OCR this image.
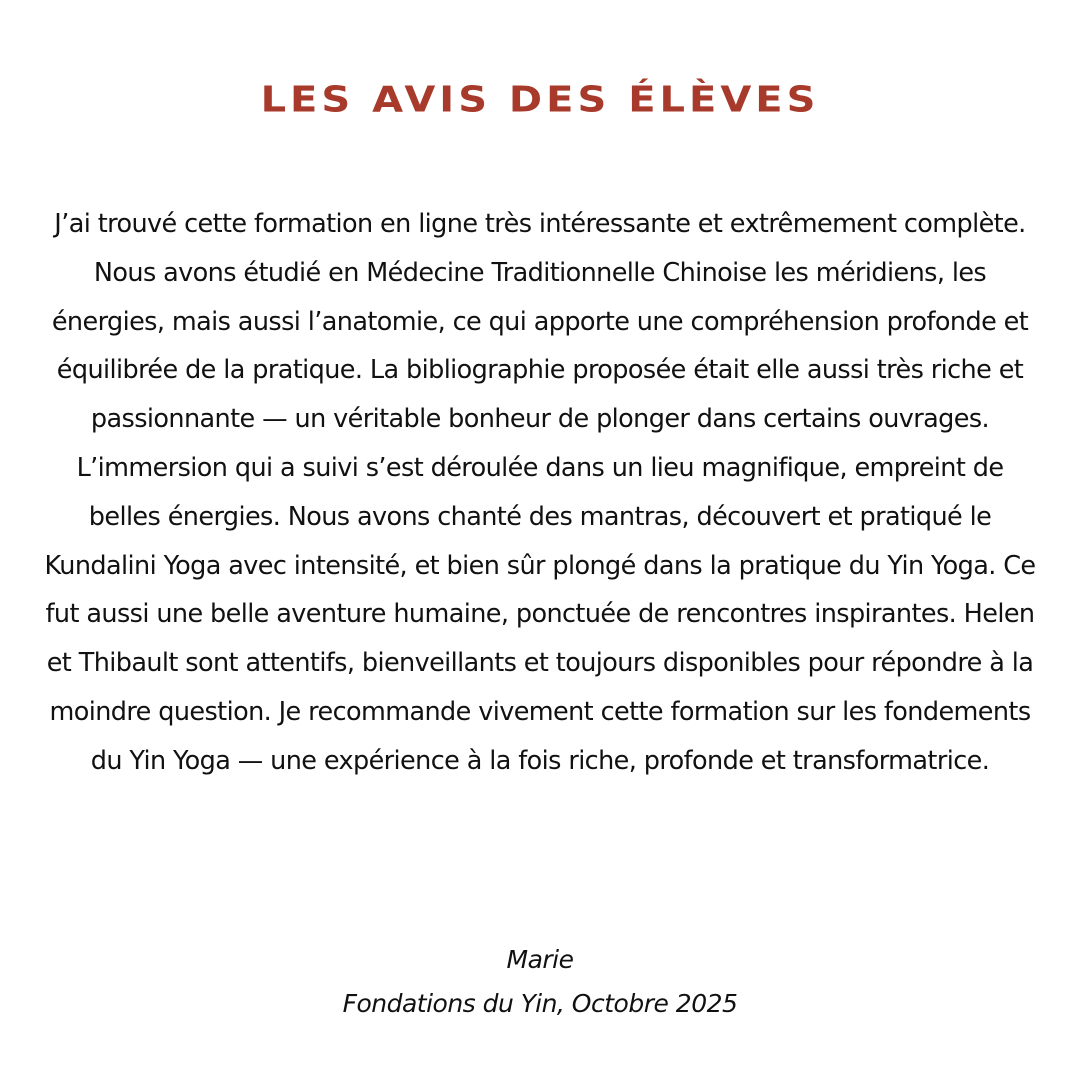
LES AVIS DES ÉLÈVES

J’ai trouvé cette formation en ligne très intéressante et extrêmement complète. Nous avons étudié en Médecine Traditionnelle Chinoise les méridiens, les énergies, mais aussi l’anatomie, ce qui apporte une compréhension profonde et équilibrée de la pratique. La bibliographie proposée était elle aussi très riche et passionnante — un véritable bonheur de plonger dans certains ouvrages. L’immersion qui a suivi s’est déroulée dans un lieu magnifique, empreint de belles énergies. Nous avons chanté des mantras, découvert et pratiqué le Kundalini Yoga avec intensité, et bien sûr plongé dans la pratique du Yin Yoga. Ce fut aussi une belle aventure humaine, ponctuée de rencontres inspirantes. Helen et Thibault sont attentifs, bienveillants et toujours disponibles pour répondre à la moindre question. Je recommande vivement cette formation sur les fondements du Yin Yoga — une expérience à la fois riche, profonde et transformatrice.

Marie
Fondations du Yin, Octobre 2025
